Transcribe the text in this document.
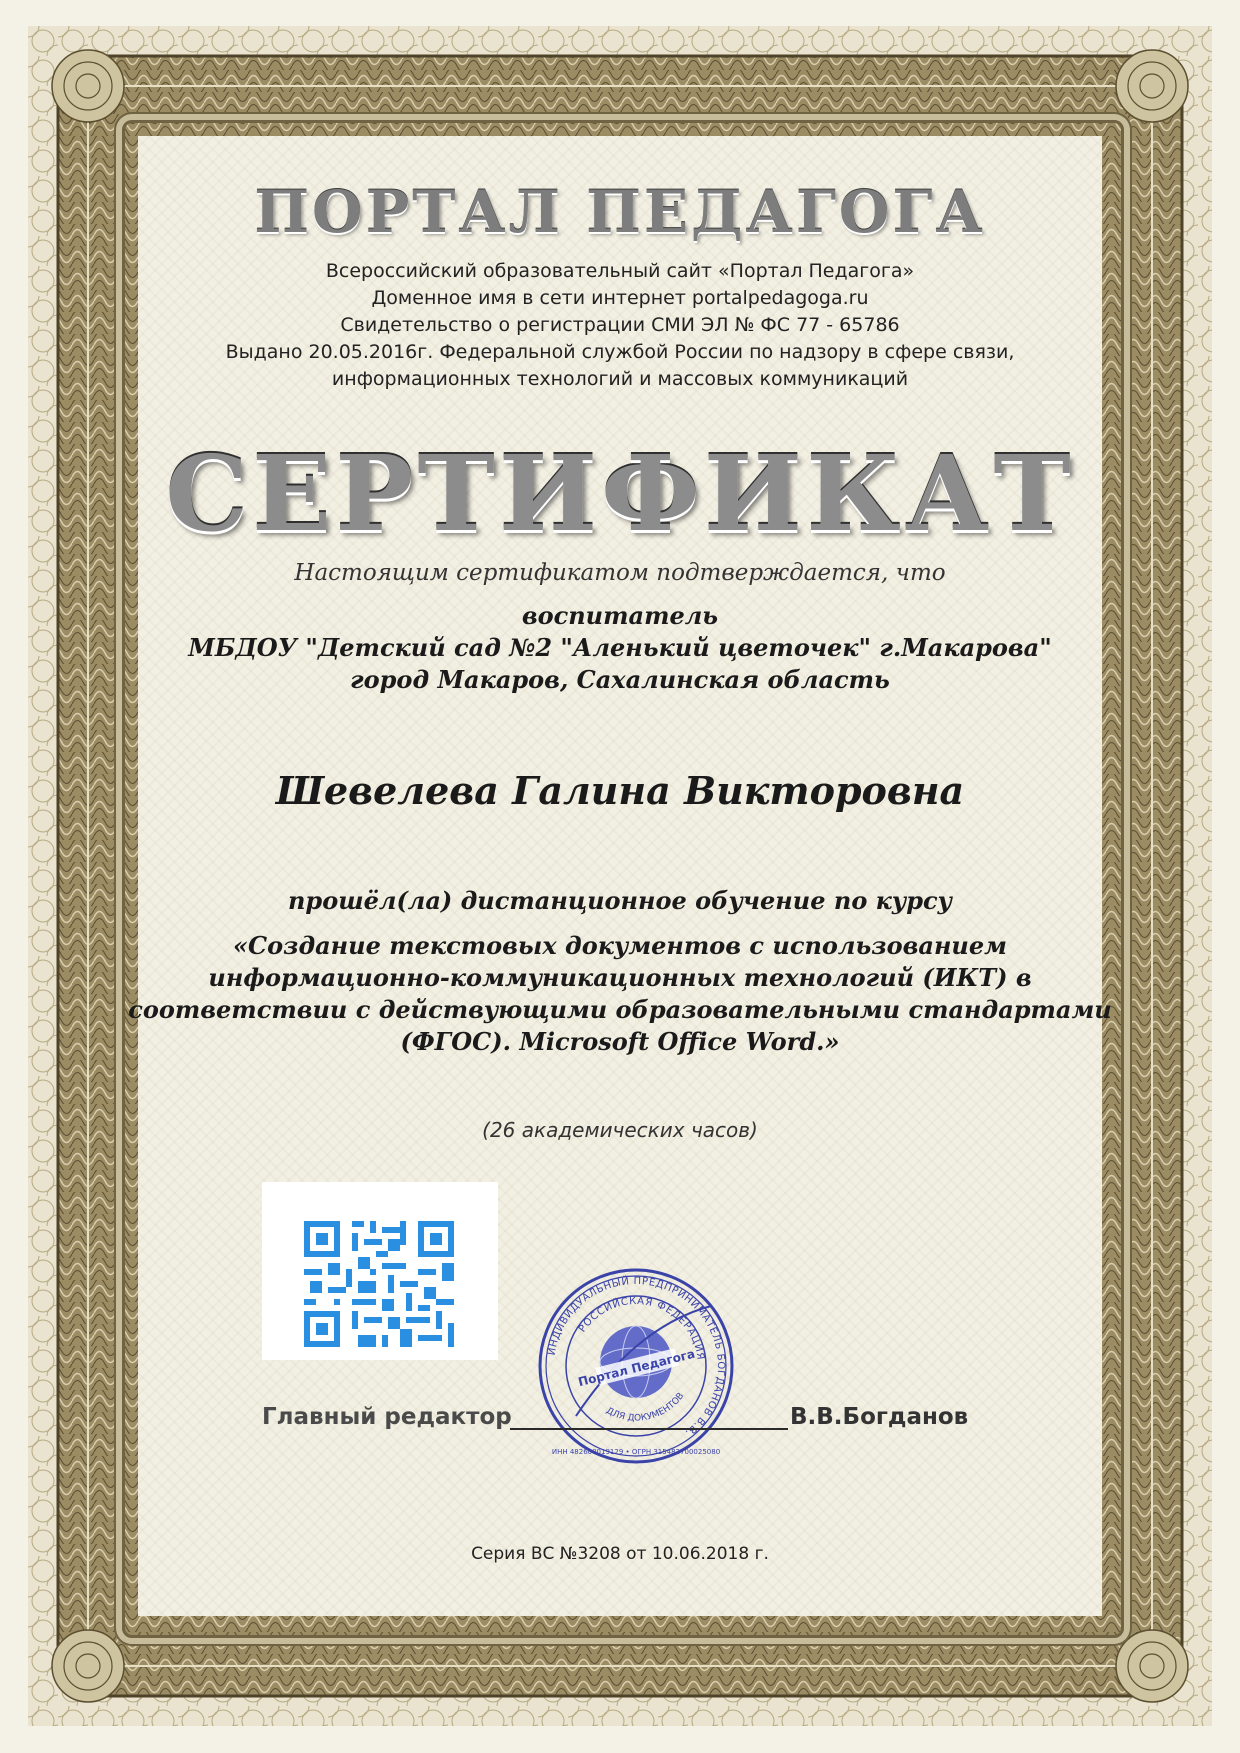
ПОРТАЛ ПЕДАГОГА
Всероссийский образовательный сайт «Портал Педагога»
Доменное имя в сети интернет portalpedagoga.ru
Свидетельство о регистрации СМИ ЭЛ № ФС 77 - 65786
Выдано 20.05.2016г. Федеральной службой России по надзору в сфере связи,
информационных технологий и массовых коммуникаций
СЕРТИФИКАТ
Настоящим сертификатом подтверждается, что
воспитатель
МБДОУ "Детский сад №2 "Аленький цветочек" г.Макарова"
город Макаров, Сахалинская область
Шевелева Галина Викторовна
прошёл(ла) дистанционное обучение по курсу
«Создание текстовых документов с использованием
информационно-коммуникационных технологий (ИКТ) в
соответствии с действующими образовательными стандартами
(ФГОС). Microsoft Office Word.»
(26 академических часов)
ИНДИВИДУАЛЬНЫЙ ПРЕДПРИНИМАТЕЛЬ БОГДАНОВ В.В.
РОССИЙСКАЯ ФЕДЕРАЦИЯ
ДЛЯ ДОКУМЕНТОВ
Портал Педагога
ИНН 482600019129 • ОГРН 315482700025080
Главный редактор	В.В.Богданов
Серия ВС №3208 от 10.06.2018 г.
